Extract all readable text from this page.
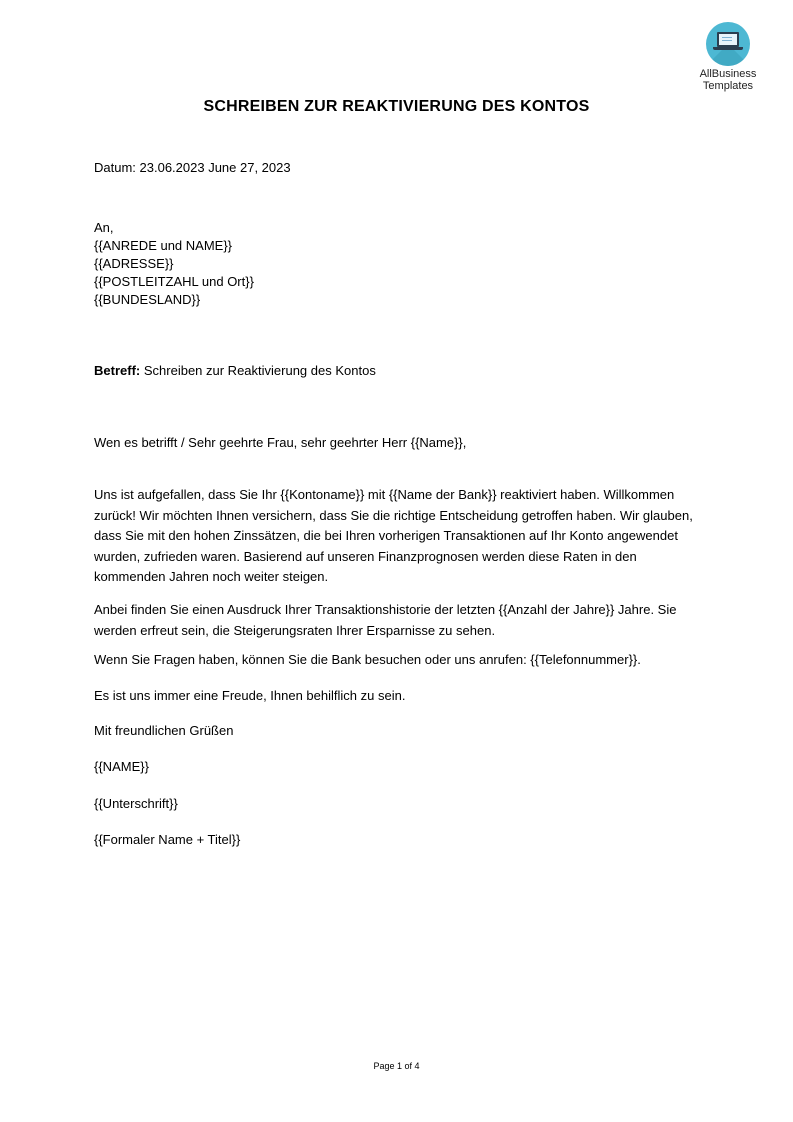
AllBusiness
Templates
SCHREIBEN ZUR REAKTIVIERUNG DES KONTOS
Datum: 23.06.2023 June 27, 2023
An,
{{ANREDE und NAME}}
{{ADRESSE}}
{{POSTLEITZAHL und Ort}}
{{BUNDESLAND}}
Betreff: Schreiben zur Reaktivierung des Kontos
Wen es betrifft / Sehr geehrte Frau, sehr geehrter Herr {{Name}},
Uns ist aufgefallen, dass Sie Ihr {{Kontoname}} mit {{Name der Bank}} reaktiviert haben. Willkommen zurück! Wir möchten Ihnen versichern, dass Sie die richtige Entscheidung getroffen haben. Wir glauben, dass Sie mit den hohen Zinssätzen, die bei Ihren vorherigen Transaktionen auf Ihr Konto angewendet wurden, zufrieden waren. Basierend auf unseren Finanzprognosen werden diese Raten in den kommenden Jahren noch weiter steigen.
Anbei finden Sie einen Ausdruck Ihrer Transaktionshistorie der letzten {{Anzahl der Jahre}} Jahre. Sie werden erfreut sein, die Steigerungsraten Ihrer Ersparnisse zu sehen.
Wenn Sie Fragen haben, können Sie die Bank besuchen oder uns anrufen: {{Telefonnummer}}.
Es ist uns immer eine Freude, Ihnen behilflich zu sein.
Mit freundlichen Grüßen
{{NAME}}
{{Unterschrift}}
{{Formaler Name + Titel}}
Page 1 of 4
